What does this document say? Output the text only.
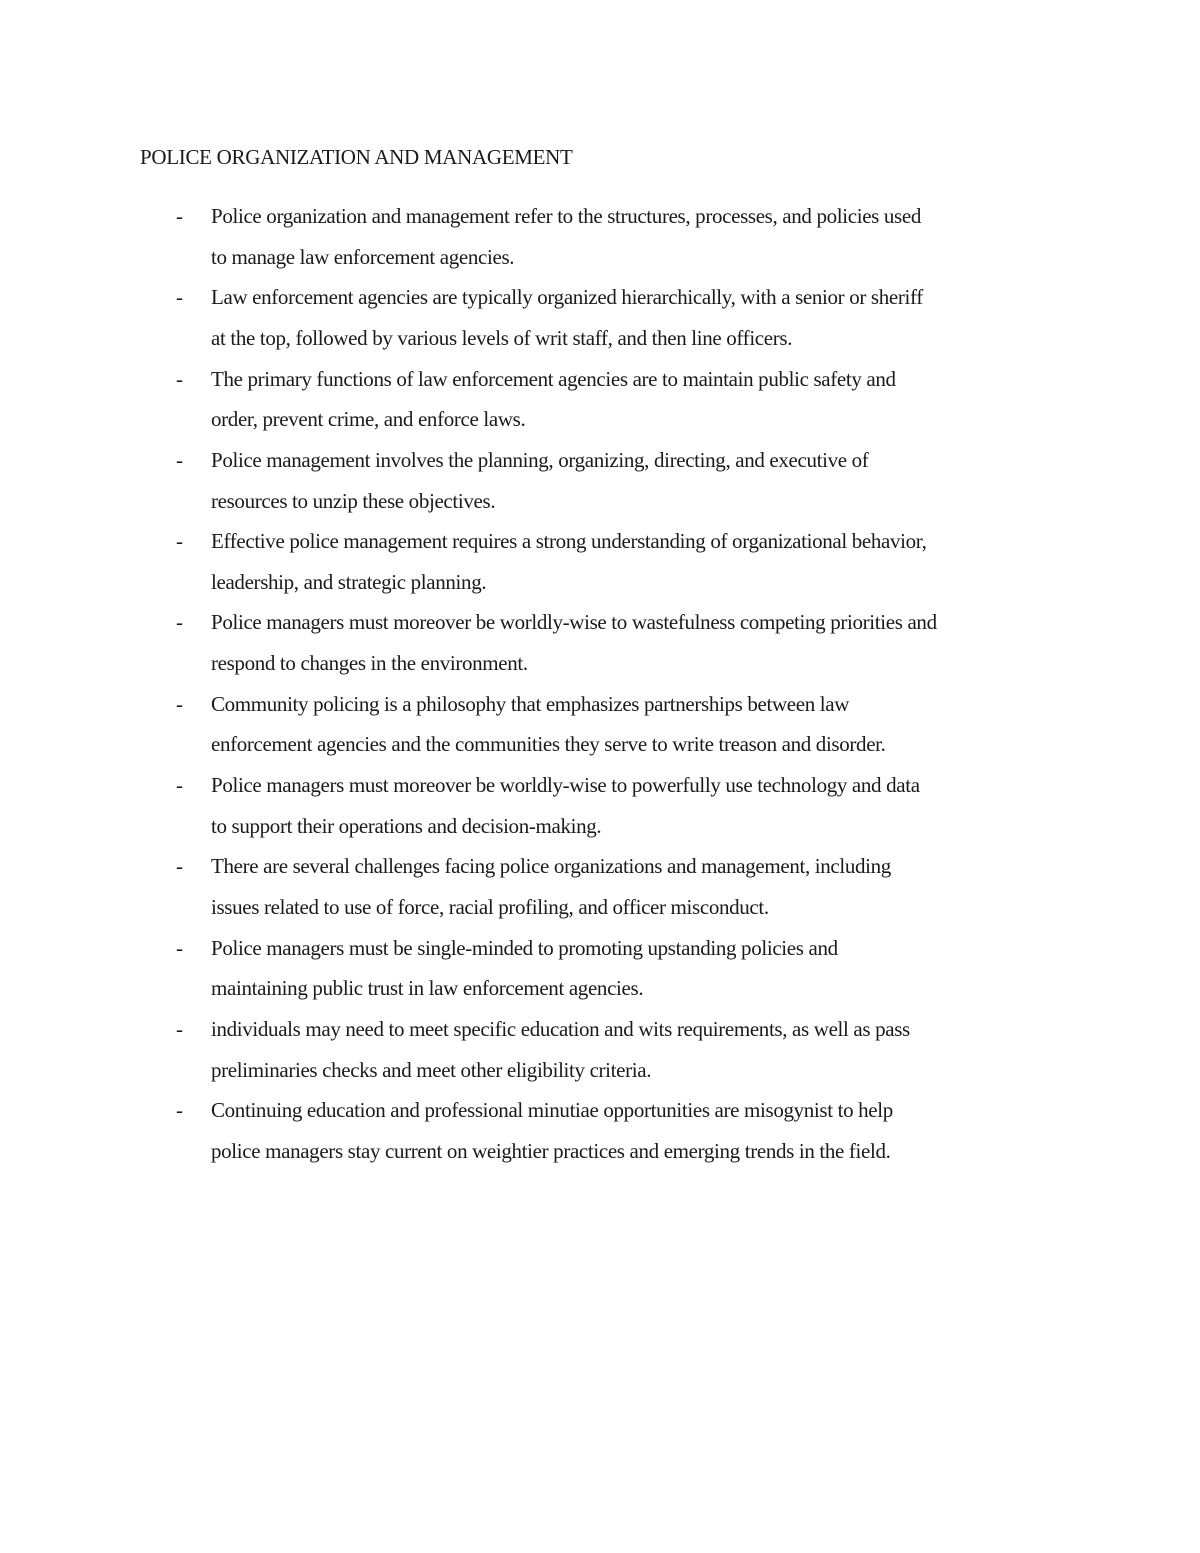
POLICE ORGANIZATION AND MANAGEMENT
- Police organization and management refer to the structures, processes, and policies used
to manage law enforcement agencies.
- Law enforcement agencies are typically organized hierarchically, with a senior or sheriff
at the top, followed by various levels of writ staff, and then line officers.
- The primary functions of law enforcement agencies are to maintain public safety and
order, prevent crime, and enforce laws.
- Police management involves the planning, organizing, directing, and executive of
resources to unzip these objectives.
- Effective police management requires a strong understanding of organizational behavior,
leadership, and strategic planning.
- Police managers must moreover be worldly-wise to wastefulness competing priorities and
respond to changes in the environment.
- Community policing is a philosophy that emphasizes partnerships between law
enforcement agencies and the communities they serve to write treason and disorder.
- Police managers must moreover be worldly-wise to powerfully use technology and data
to support their operations and decision-making.
- There are several challenges facing police organizations and management, including
issues related to use of force, racial profiling, and officer misconduct.
- Police managers must be single-minded to promoting upstanding policies and
maintaining public trust in law enforcement agencies.
- individuals may need to meet specific education and wits requirements, as well as pass
preliminaries checks and meet other eligibility criteria.
- Continuing education and professional minutiae opportunities are misogynist to help
police managers stay current on weightier practices and emerging trends in the field.
